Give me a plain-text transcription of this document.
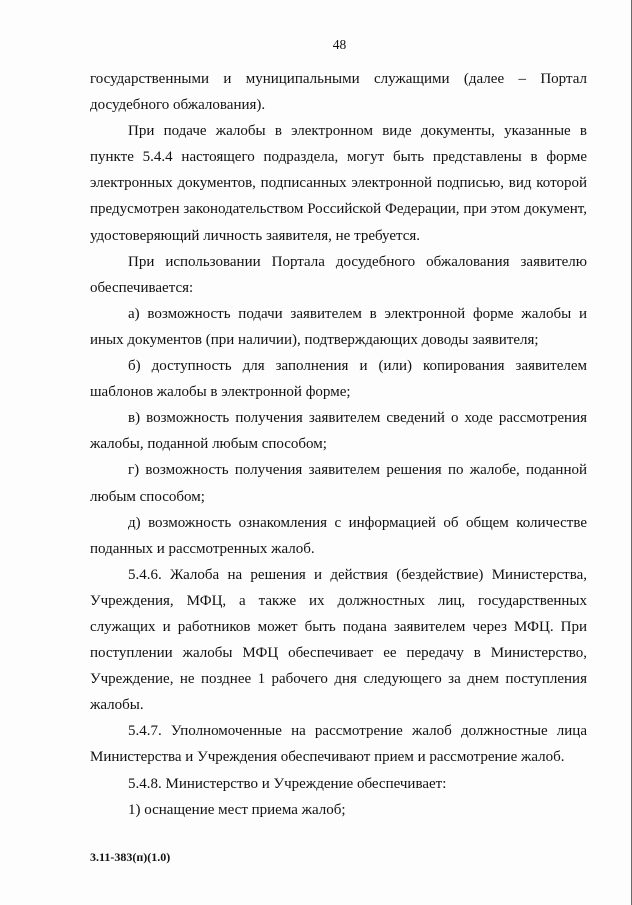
48

государственными и муниципальными служащими (далее – Портал досудебного обжалования).

При подаче жалобы в электронном виде документы, указанные в пункте 5.4.4 настоящего подраздела, могут быть представлены в форме электронных документов, подписанных электронной подписью, вид которой предусмотрен законодательством Российской Федерации, при этом документ, удостоверяющий личность заявителя, не требуется.

При использовании Портала досудебного обжалования заявителю обеспечивается:

а) возможность подачи заявителем в электронной форме жалобы и иных документов (при наличии), подтверждающих доводы заявителя;

б) доступность для заполнения и (или) копирования заявителем шаблонов жалобы в электронной форме;

в) возможность получения заявителем сведений о ходе рассмотрения жалобы, поданной любым способом;

г) возможность получения заявителем решения по жалобе, поданной любым способом;

д) возможность ознакомления с информацией об общем количестве поданных и рассмотренных жалоб.

5.4.6. Жалоба на решения и действия (бездействие) Министерства, Учреждения, МФЦ, а также их должностных лиц, государственных служащих и работников может быть подана заявителем через МФЦ. При поступлении жалобы МФЦ обеспечивает ее передачу в Министерство, Учреждение, не позднее 1 рабочего дня следующего за днем поступления жалобы.

5.4.7. Уполномоченные на рассмотрение жалоб должностные лица Министерства и Учреждения обеспечивают прием и рассмотрение жалоб.

5.4.8. Министерство и Учреждение обеспечивает:

1) оснащение мест приема жалоб;

3.11-383(п)(1.0)
